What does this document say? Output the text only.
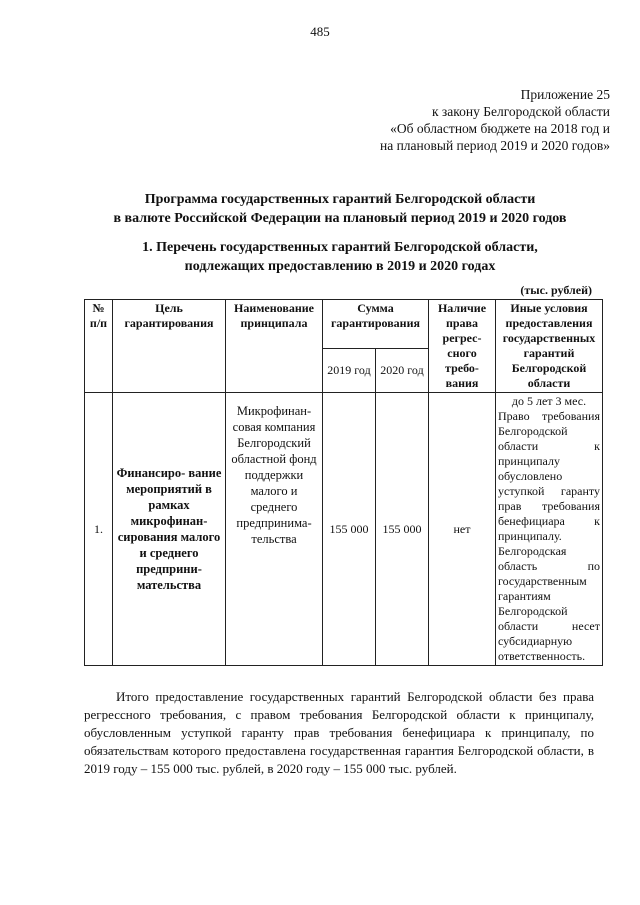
485
Приложение 25
к закону Белгородской области
«Об областном бюджете на 2018 год и
на плановый период 2019 и 2020 годов»
Программа государственных гарантий Белгородской области
в валюте Российской Федерации на плановый период 2019 и 2020 годов
1. Перечень государственных гарантий Белгородской области,
подлежащих предоставлению в 2019 и 2020 годах
(тыс. рублей)
№ п/п	Цель гарантирования	Наименование принципала	Сумма гарантирования		Наличие права регрес- сного требо- вания	Иные условия предоставления государственных гарантий Белгородской области
			2019 год	2020 год		
1.	Финансиро- вание мероприятий в рамках микрофинан- сирования малого и среднего предприни- мательства	Микрофинан- совая компания Белгородский областной фонд поддержки малого и среднего предпринима- тельства	155 000	155 000	нет	до 5 лет 3 мес.
Право требования Белгородской области к принципалу обусловлено уступкой гаранту прав требования бенефициара к принципалу. Белгородская область по государственным гарантиям Белгородской области несет субсидиарную ответственность.
Итого предоставление государственных гарантий Белгородской области без права регрессного требования, с правом требования Белгородской области к принципалу, обусловленным уступкой гаранту прав требования бенефициара к принципалу, по обязательствам которого предоставлена государственная гарантия Белгородской области, в 2019 году – 155 000 тыс. рублей, в 2020 году – 155 000 тыс. рублей.
